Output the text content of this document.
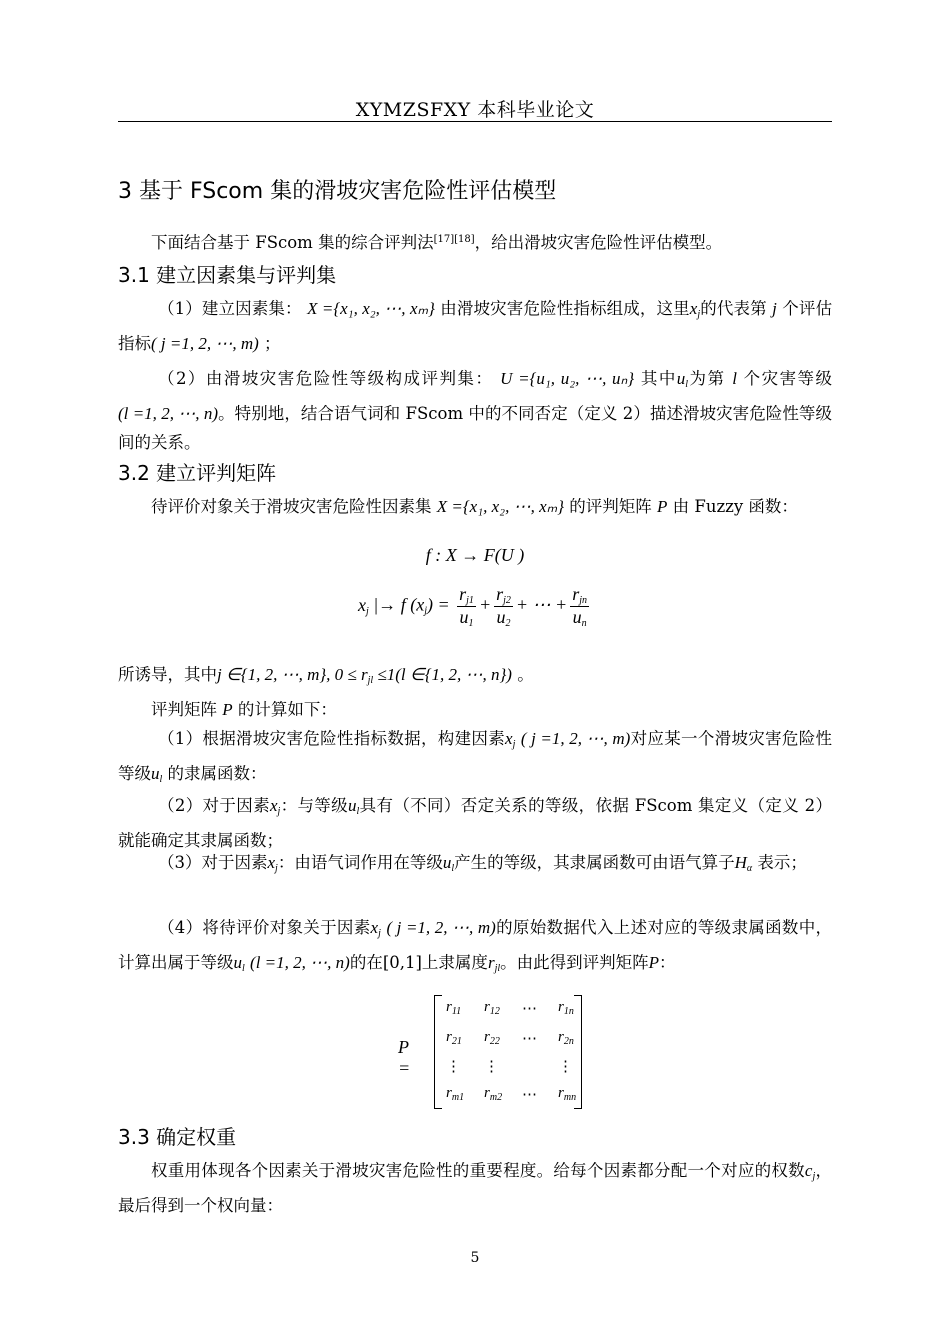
XYMZSFXY 本科毕业论文
3 基于 FScom 集的滑坡灾害危险性评估模型

下面结合基于 FScom 集的综合评判法[17][18]，给出滑坡灾害危险性评估模型。

3.1 建立因素集与评判集

（1）建立因素集： X ={x₁, x₂, ⋯, xₘ} 由滑坡灾害危险性指标组成，这里$x_j$的代表第 j 个评估指标( j =1, 2, ⋯, m) ；

（2）由滑坡灾害危险性等级构成评判集： U ={u₁, u₂, ⋯, uₙ} 其中$u_l$为第 l 个灾害等级(l =1, 2, ⋯, n)。特别地，结合语气词和 FScom 中的不同否定（定义 2）描述滑坡灾害危险性等级间的关系。

3.2 建立评判矩阵

待评价对象关于滑坡灾害危险性因素集 X ={x₁, x₂, ⋯, xₘ} 的评判矩阵 P 由 Fuzzy 函数：

f : X → F(U )
$x_j$ |→ f $(x_j) = \frac{r_{j1}}{u_1} + \frac{r_{j2}}{u_2}$ + ⋯ + $\frac{r_{jn}}{u_n}$

所诱导，其中j ∈{1, 2, ⋯, m}, $0 \le r_{jl} \le 1(l$ ∈{1, 2, ⋯, n}) 。

评判矩阵 P 的计算如下：

（1）根据滑坡灾害危险性指标数据，构建因素$x_j$ ( j =1, 2, ⋯, m)对应某一个滑坡灾害危险性等级$u_l$ 的隶属函数：

（2）对于因素$x_j$：与等级$u_l$具有（不同）否定关系的等级，依据 FScom 集定义（定义 2）就能确定其隶属函数；

（3）对于因素$x_j$：由语气词作用在等级$u_l$产生的等级，其隶属函数可由语气算子$H_\alpha$ 表示；

（4）将待评价对象关于因素$x_j$ ( j =1, 2, ⋯, m)的原始数据代入上述对应的等级隶属函数中，计算出属于等级$u_l$ (l =1, 2, ⋯, n)的在[0,1]上隶属度$r_{jl}$。由此得到评判矩阵P：

P =
$r_{11}$ $r_{12}$ ⋯ $r_{1n}$
$r_{21}$ $r_{22}$ ⋯ $r_{2n}$
⋮ ⋮	⋮
$r_{m1}$ $r_{m2}$ ⋯ $r_{mn}$
3.3 确定权重

权重用体现各个因素关于滑坡灾害危险性的重要程度。给每个因素都分配一个对应的权数$c_j$，最后得到一个权向量：

5
